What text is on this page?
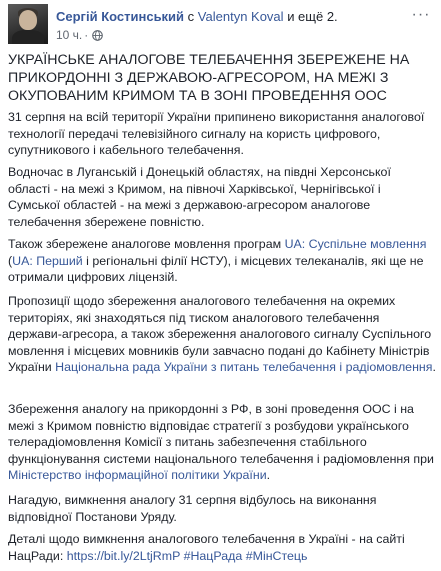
Сергій Костинський с Valentyn Koval и ещё 2.
10 ч. ·
···

УКРАЇНСЬКЕ АНАЛОГОВЕ ТЕЛЕБАЧЕННЯ ЗБЕРЕЖЕНЕ НА ПРИКОРДОННІ З ДЕРЖАВОЮ-АГРЕСОРОМ, НА МЕЖІ З ОКУПОВАНИМ КРИМОМ ТА В ЗОНІ ПРОВЕДЕННЯ ООС

31 серпня на всій території України припинено використання аналогової технології передачі телевізійного сигналу на користь цифрового, супутникового і кабельного телебачення.

Водночас в Луганській і Донецькій областях, на півдні Херсонської області - на межі з Кримом, на півночі Харківської, Чернігівської і Сумської областей - на межі з державою-агресором аналогове телебачення збережене повністю.

Також збережене аналогове мовлення програм UA: Суспільне мовлення (UA: Перший і регіональні філії НСТУ), і місцевих телеканалів, які ще не отримали цифрових ліцензій.

Пропозиції щодо збереження аналогового телебачення на окремих територіях, які знаходяться під тиском аналогового телебачення держави-агресора, а також збереження аналогового сигналу Суспільного мовлення і місцевих мовників були завчасно подані до Кабінету Міністрів України Національна рада України з питань телебачення і радіомовлення.

Збереження аналогу на прикордонні з РФ, в зоні проведення ООС і на межі з Кримом повністю відповідає стратегії з розбудови українського телерадіомовлення Комісії з питань забезпечення стабільного функціонування системи національного телебачення і радіомовлення при Міністерство інформаційної політики України.

Нагадую, вимкнення аналогу 31 серпня відбулось на виконання відповідної Постанови Уряду.

Деталі щодо вимкнення аналогового телебачення в Україні - на сайті НацРади: https://bit.ly/2LtjRmP #НацРада #МінСтець
